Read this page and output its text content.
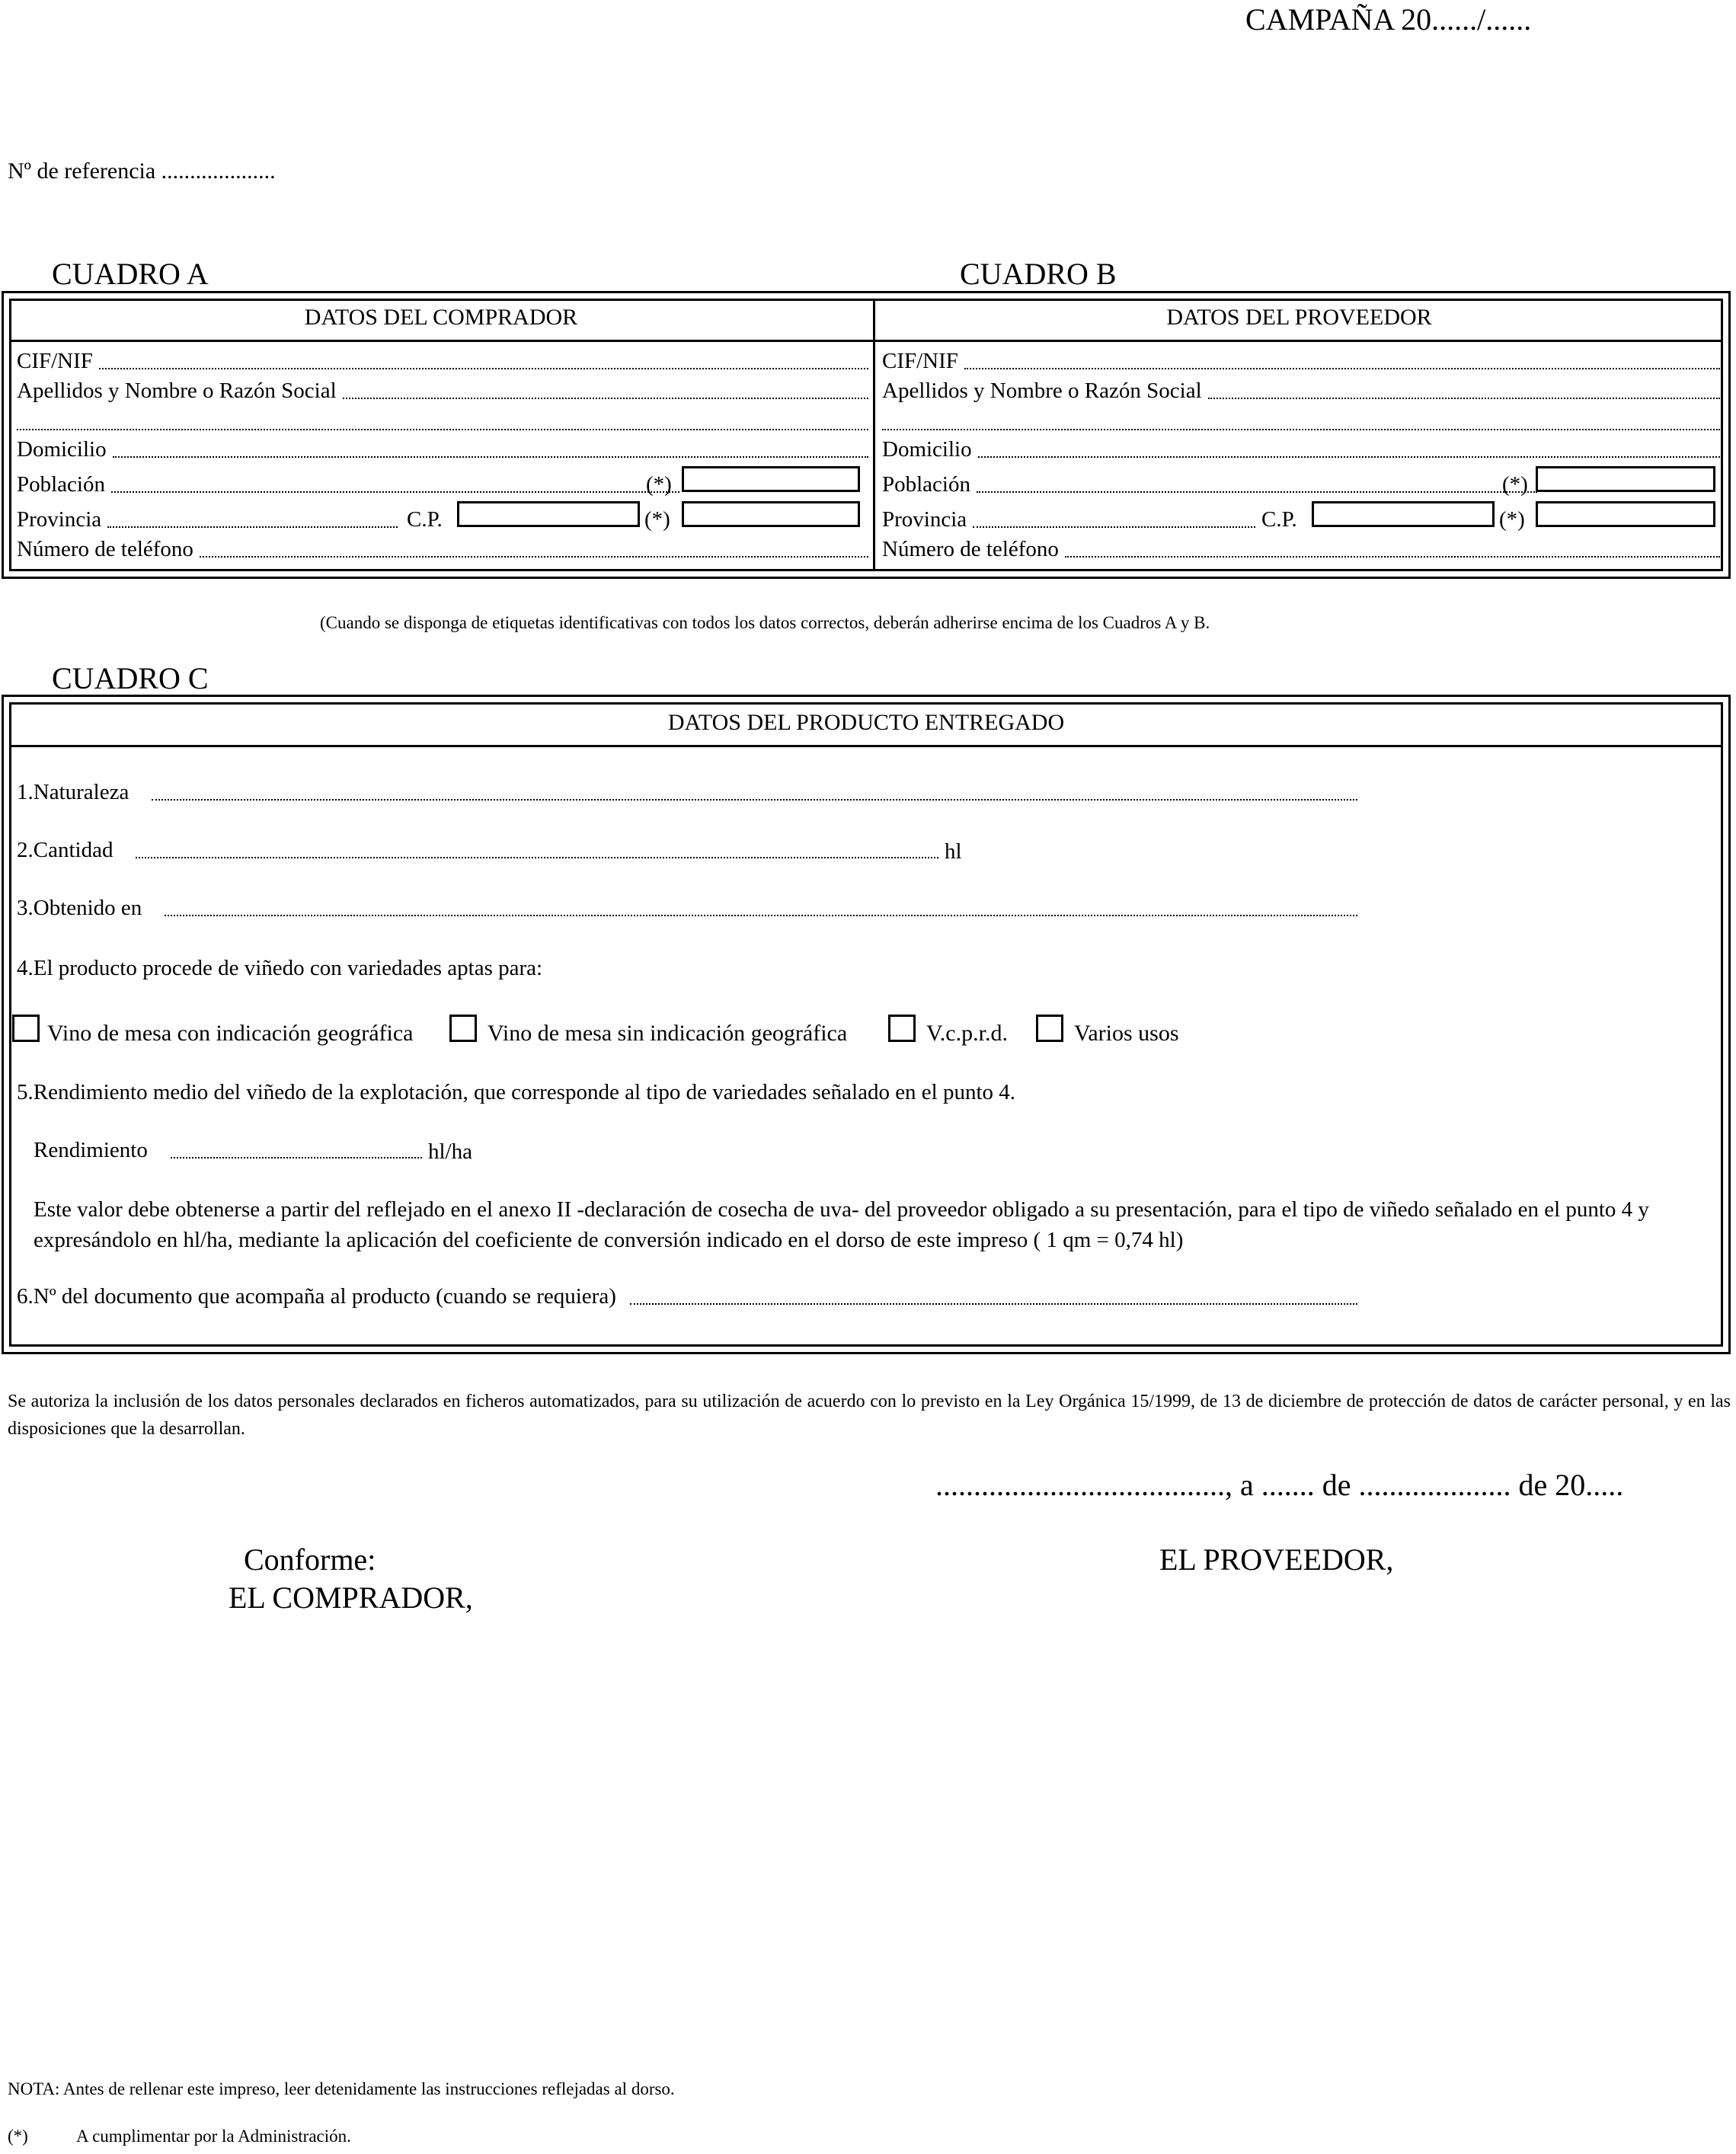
CAMPAÑA 20....../......
Nº de referencia ....................
CUADRO A	CUADRO B
DATOS DEL COMPRADOR
CIF/NIF
Apellidos y Nombre o Razón Social
Domicilio
Población	(*)
Provincia	C.P.	(*)
Número de teléfono
DATOS DEL PROVEEDOR
CIF/NIF
Apellidos y Nombre o Razón Social
Domicilio
Población	(*)
Provincia	C.P.	(*)
Número de teléfono
(Cuando se disponga de etiquetas identificativas con todos los datos correctos, deberán adherirse encima de los Cuadros A y B.
CUADRO C
DATOS DEL PRODUCTO ENTREGADO
1.Naturaleza
2.Cantidad	hl
3.Obtenido en
4.El producto procede de viñedo con variedades aptas para:
Vino de mesa con indicación geográfica	Vino de mesa sin indicación geográfica	V.c.p.r.d.	Varios usos
5.Rendimiento medio del viñedo de la explotación, que corresponde al tipo de variedades señalado en el punto 4.
Rendimiento	hl/ha

Este valor debe obtenerse a partir del reflejado en el anexo II -declaración de cosecha de uva- del proveedor obligado a su presentación, para el tipo de viñedo señalado en el punto 4 y expresándolo en hl/ha, mediante la aplicación del coeficiente de conversión indicado en el dorso de este impreso ( 1 qm = 0,74 hl)

6.Nº del documento que acompaña al producto (cuando se requiera)

Se autoriza la inclusión de los datos personales declarados en ficheros automatizados, para su utilización de acuerdo con lo previsto en la Ley Orgánica 15/1999, de 13 de diciembre de protección de datos de carácter personal, y en las disposiciones que la desarrollan.

......................................, a ....... de .................... de 20.....
Conforme:
EL COMPRADOR,
EL PROVEEDOR,
NOTA: Antes de rellenar este impreso, leer detenidamente las instrucciones reflejadas al dorso.
(*)	A cumplimentar por la Administración.
